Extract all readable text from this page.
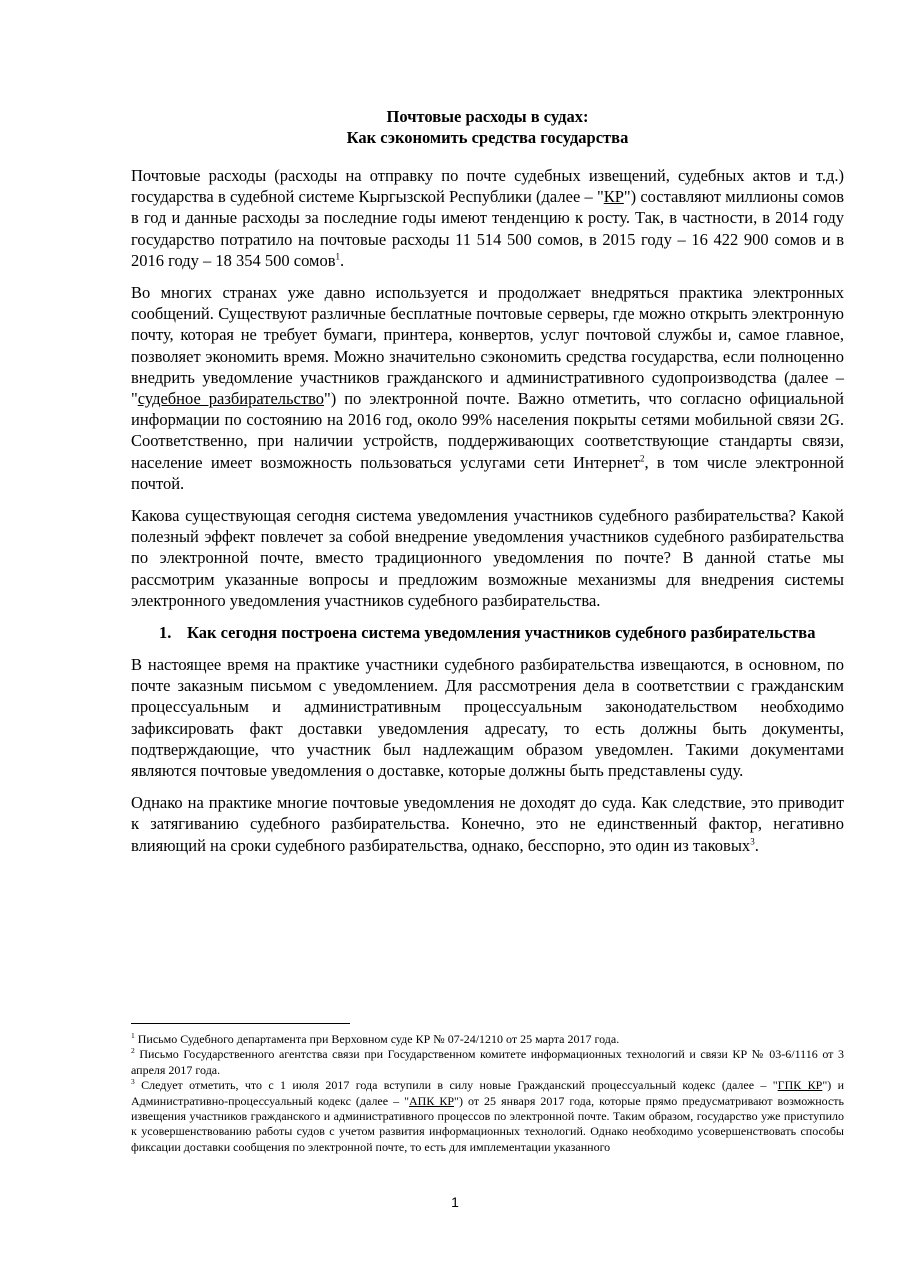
Почтовые расходы в судах:
Как сэкономить средства государства

Почтовые расходы (расходы на отправку по почте судебных извещений, судебных актов и т.д.) государства в судебной системе Кыргызской Республики (далее – "КР") составляют миллионы сомов в год и данные расходы за последние годы имеют тенденцию к росту. Так, в частности, в 2014 году государство потратило на почтовые расходы 11 514 500 сомов, в 2015 году – 16 422 900 сомов и в 2016 году – 18 354 500 сомов$^1$.

Во многих странах уже давно используется и продолжает внедряться практика электронных сообщений. Существуют различные бесплатные почтовые серверы, где можно открыть электронную почту, которая не требует бумаги, принтера, конвертов, услуг почтовой службы и, самое главное, позволяет экономить время. Можно значительно сэкономить средства государства, если полноценно внедрить уведомление участников гражданского и административного судопроизводства (далее – "судебное разбирательство") по электронной почте. Важно отметить, что согласно официальной информации по состоянию на 2016 год, около 99% населения покрыты сетями мобильной связи 2G. Соответственно, при наличии устройств, поддерживающих соответствующие стандарты связи, население имеет возможность пользоваться услугами сети Интернет$^2$, в том числе электронной почтой.

Какова существующая сегодня система уведомления участников судебного разбирательства? Какой полезный эффект повлечет за собой внедрение уведомления участников судебного разбирательства по электронной почте, вместо традиционного уведомления по почте? В данной статье мы рассмотрим указанные вопросы и предложим возможные механизмы для внедрения системы электронного уведомления участников судебного разбирательства.

1. Как сегодня построена система уведомления участников судебного разбирательства

В настоящее время на практике участники судебного разбирательства извещаются, в основном, по почте заказным письмом с уведомлением. Для рассмотрения дела в соответствии с гражданским процессуальным и административным процессуальным законодательством необходимо зафиксировать факт доставки уведомления адресату, то есть должны быть документы, подтверждающие, что участник был надлежащим образом уведомлен. Такими документами являются почтовые уведомления о доставке, которые должны быть представлены суду.

Однако на практике многие почтовые уведомления не доходят до суда. Как следствие, это приводит к затягиванию судебного разбирательства. Конечно, это не единственный фактор, негативно влияющий на сроки судебного разбирательства, однако, бесспорно, это один из таковых$^3$.

$^1$ Письмо Судебного департамента при Верховном суде КР № 07-24/1210 от 25 марта 2017 года.

$^2$ Письмо Государственного агентства связи при Государственном комитете информационных технологий и связи КР № 03-6/1116 от 3 апреля 2017 года.

$^3$ Следует отметить, что с 1 июля 2017 года вступили в силу новые Гражданский процессуальный кодекс (далее – "ГПК КР") и Административно-процессуальный кодекс (далее – "АПК КР") от 25 января 2017 года, которые прямо предусматривают возможность извещения участников гражданского и административного процессов по электронной почте. Таким образом, государство уже приступило к усовершенствованию работы судов с учетом развития информационных технологий. Однако необходимо усовершенствовать способы фиксации доставки сообщения по электронной почте, то есть для имплементации указанного

1
